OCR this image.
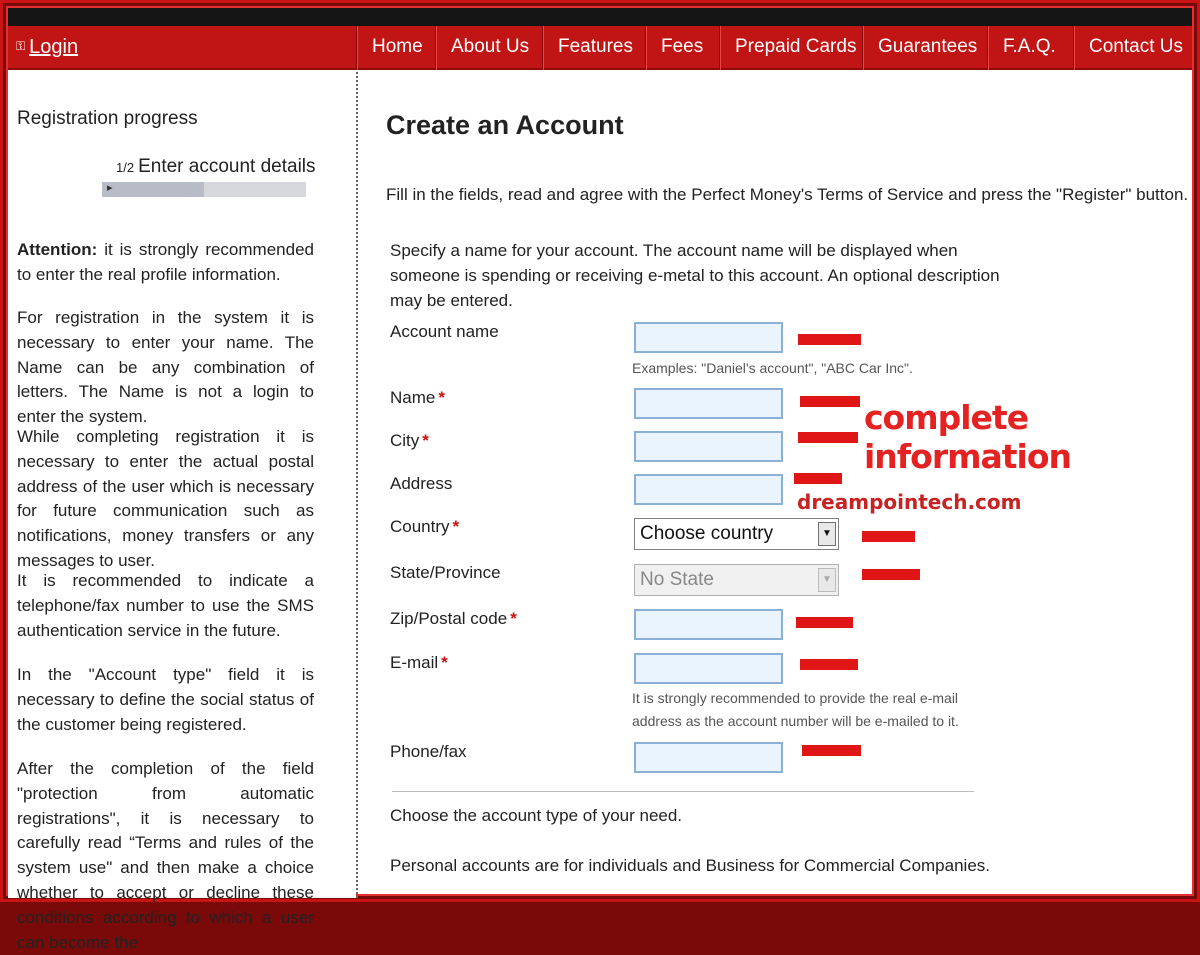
⚿ Login	Home About Us Features Fees Prepaid Cards Guarantees F.A.Q. Contact Us
Registration progress
1/2 Enter account details
▸
Attention: it is strongly recommended to enter the real profile information.
For registration in the system it is necessary to enter your name. The Name can be any combination of letters. The Name is not a login to enter the system.
While completing registration it is necessary to enter the actual postal address of the user which is necessary for future communication such as notifications, money transfers or any messages to user.
It is recommended to indicate a telephone/fax number to use the SMS authentication service in the future.
In the "Account type" field it is necessary to define the social status of the customer being registered.
After the completion of the field "protection from automatic registrations", it is necessary to carefully read “Terms and rules of the system use" and then make a choice whether to accept or decline these conditions according to which a user can become the
Create an Account
Fill in the fields, read and agree with the Perfect Money's Terms of Service and press the "Register" button.
Specify a name for your account. The account name will be displayed when someone is spending or receiving e-metal to this account. An optional description may be entered.
Account name
Examples: "Daniel's account", "ABC Car Inc".
Name *
City *
Address
Country *	Choose country	▼
State/Province	No State	▼
Zip/Postal code *
E-mail *
It is strongly recommended to provide the real e-mail
address as the account number will be e-mailed to it.
Phone/fax
Choose the account type of your need.
Personal accounts are for individuals and Business for Commercial Companies.
complete information
dreampointech.com
